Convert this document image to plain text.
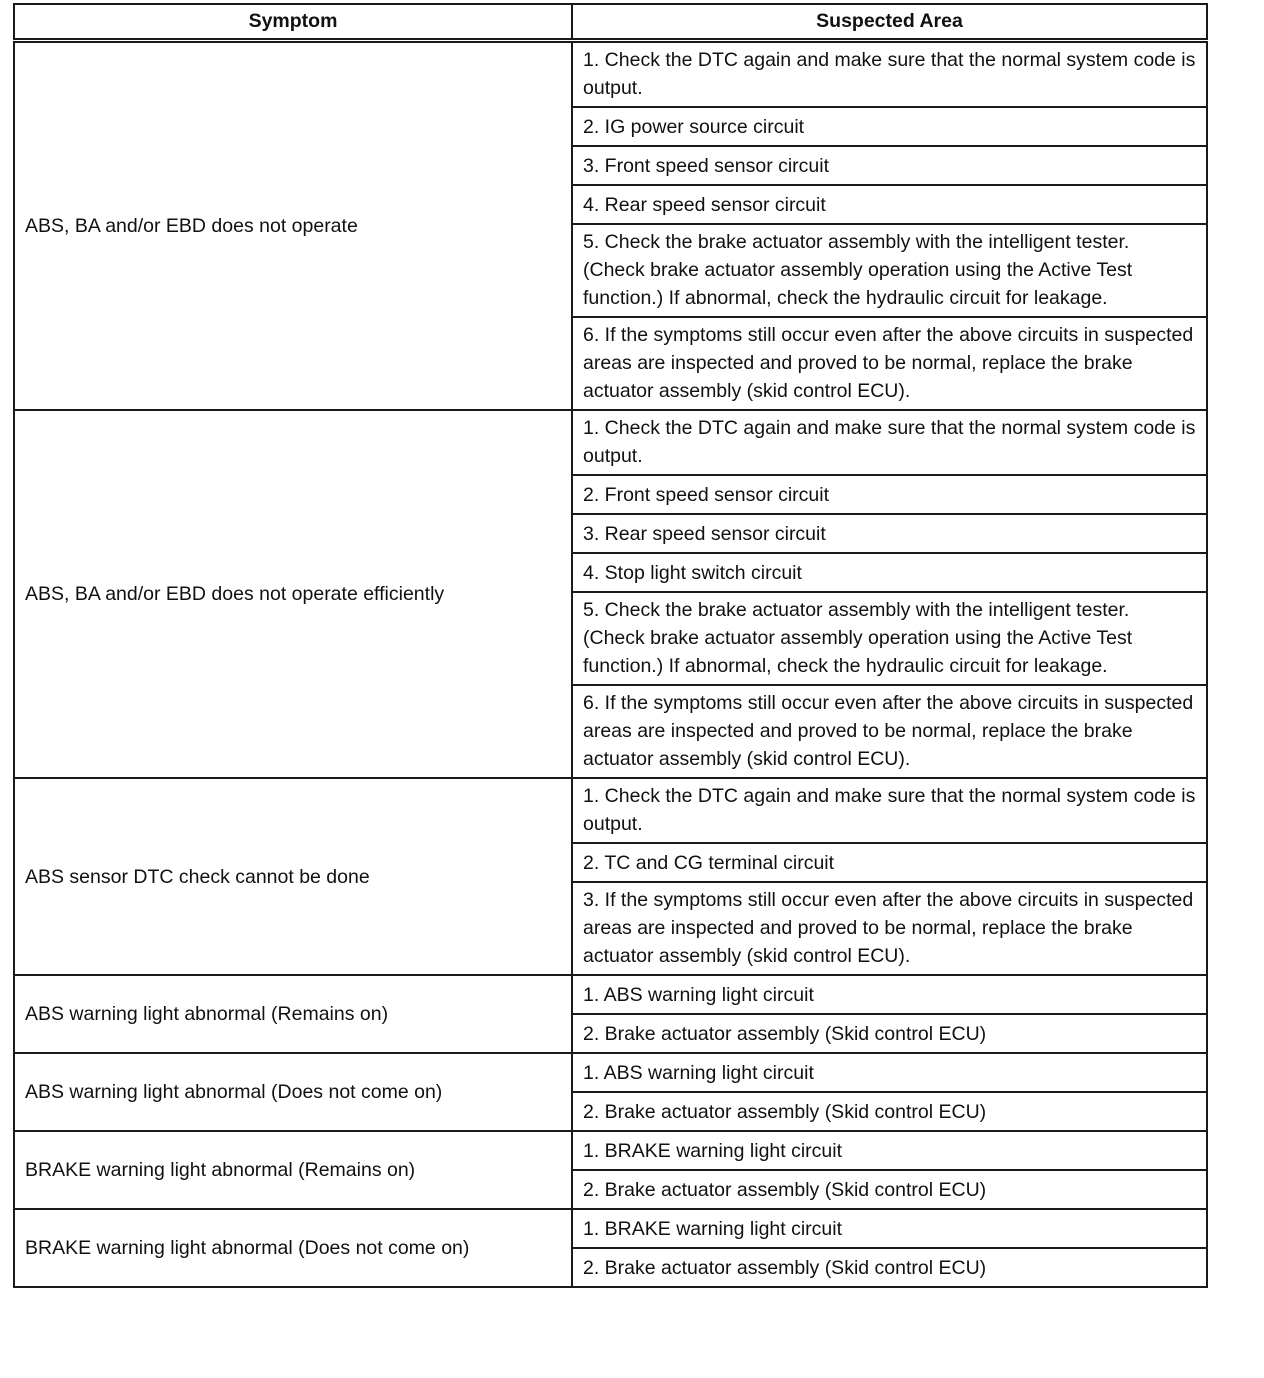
Symptom	Suspected Area
ABS, BA and/or EBD does not operate	1. Check the DTC again and make sure that the normal system code is output.
	2. IG power source circuit
	3. Front speed sensor circuit
	4. Rear speed sensor circuit
	5. Check the brake actuator assembly with the intelligent tester. (Check brake actuator assembly operation using the Active Test function.) If abnormal, check the hydraulic circuit for leakage.
	6. If the symptoms still occur even after the above circuits in suspected areas are inspected and proved to be normal, replace the brake actuator assembly (skid control ECU).
ABS, BA and/or EBD does not operate efficiently	1. Check the DTC again and make sure that the normal system code is output.
	2. Front speed sensor circuit
	3. Rear speed sensor circuit
	4. Stop light switch circuit
	5. Check the brake actuator assembly with the intelligent tester. (Check brake actuator assembly operation using the Active Test function.) If abnormal, check the hydraulic circuit for leakage.
	6. If the symptoms still occur even after the above circuits in suspected areas are inspected and proved to be normal, replace the brake actuator assembly (skid control ECU).
ABS sensor DTC check cannot be done	1. Check the DTC again and make sure that the normal system code is output.
	2. TC and CG terminal circuit
	3. If the symptoms still occur even after the above circuits in suspected areas are inspected and proved to be normal, replace the brake actuator assembly (skid control ECU).
ABS warning light abnormal (Remains on)	1. ABS warning light circuit
	2. Brake actuator assembly (Skid control ECU)
ABS warning light abnormal (Does not come on)	1. ABS warning light circuit
	2. Brake actuator assembly (Skid control ECU)
BRAKE warning light abnormal (Remains on)	1. BRAKE warning light circuit
	2. Brake actuator assembly (Skid control ECU)
BRAKE warning light abnormal (Does not come on)	1. BRAKE warning light circuit
	2. Brake actuator assembly (Skid control ECU)
